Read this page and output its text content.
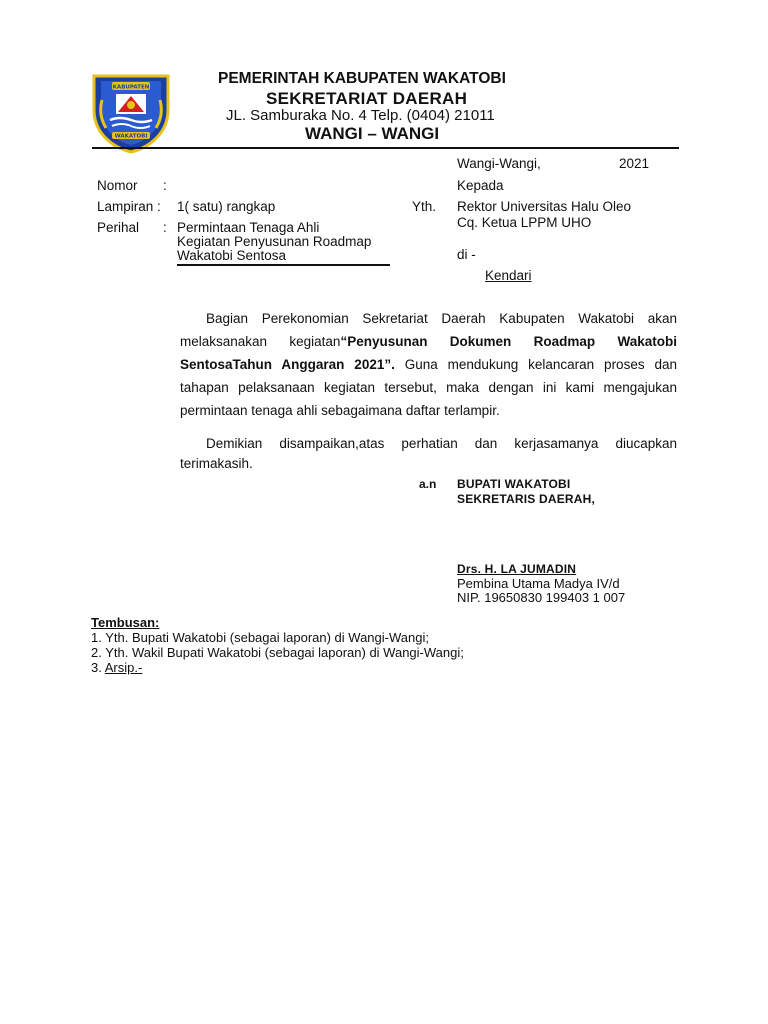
KABUPATEN
WAKATOBI
PEMERINTAH KABUPATEN WAKATOBI
SEKRETARIAT DAERAH
JL. Samburaka No. 4 Telp. (0404) 21011
WANGI – WANGI
Wangi-Wangi,	2021
Nomor :	Kepada
Lampiran : 1( satu) rangkap	Yth. Rektor Universitas Halu Oleo
Cq. Ketua LPPM UHO
Perihal : Permintaan Tenaga Ahli
Kegiatan Penyusunan Roadmap
Wakatobi Sentosa	di -
Kendari
Bagian Perekonomian Sekretariat Daerah Kabupaten Wakatobi akan melaksanakan kegiatan“Penyusunan Dokumen Roadmap Wakatobi SentosaTahun Anggaran 2021”. Guna mendukung kelancaran proses dan tahapan pelaksanaan kegiatan tersebut, maka dengan ini kami mengajukan permintaan tenaga ahli sebagaimana daftar terlampir.
Demikian disampaikan,atas perhatian dan kerjasamanya diucapkan terimakasih.
a.n BUPATI WAKATOBI
SEKRETARIS DAERAH,
Drs. H. LA JUMADIN
Pembina Utama Madya IV/d
NIP. 19650830 199403 1 007
Tembusan:
1. Yth. Bupati Wakatobi (sebagai laporan) di Wangi-Wangi;
2. Yth. Wakil Bupati Wakatobi (sebagai laporan) di Wangi-Wangi;
3. Arsip.-
